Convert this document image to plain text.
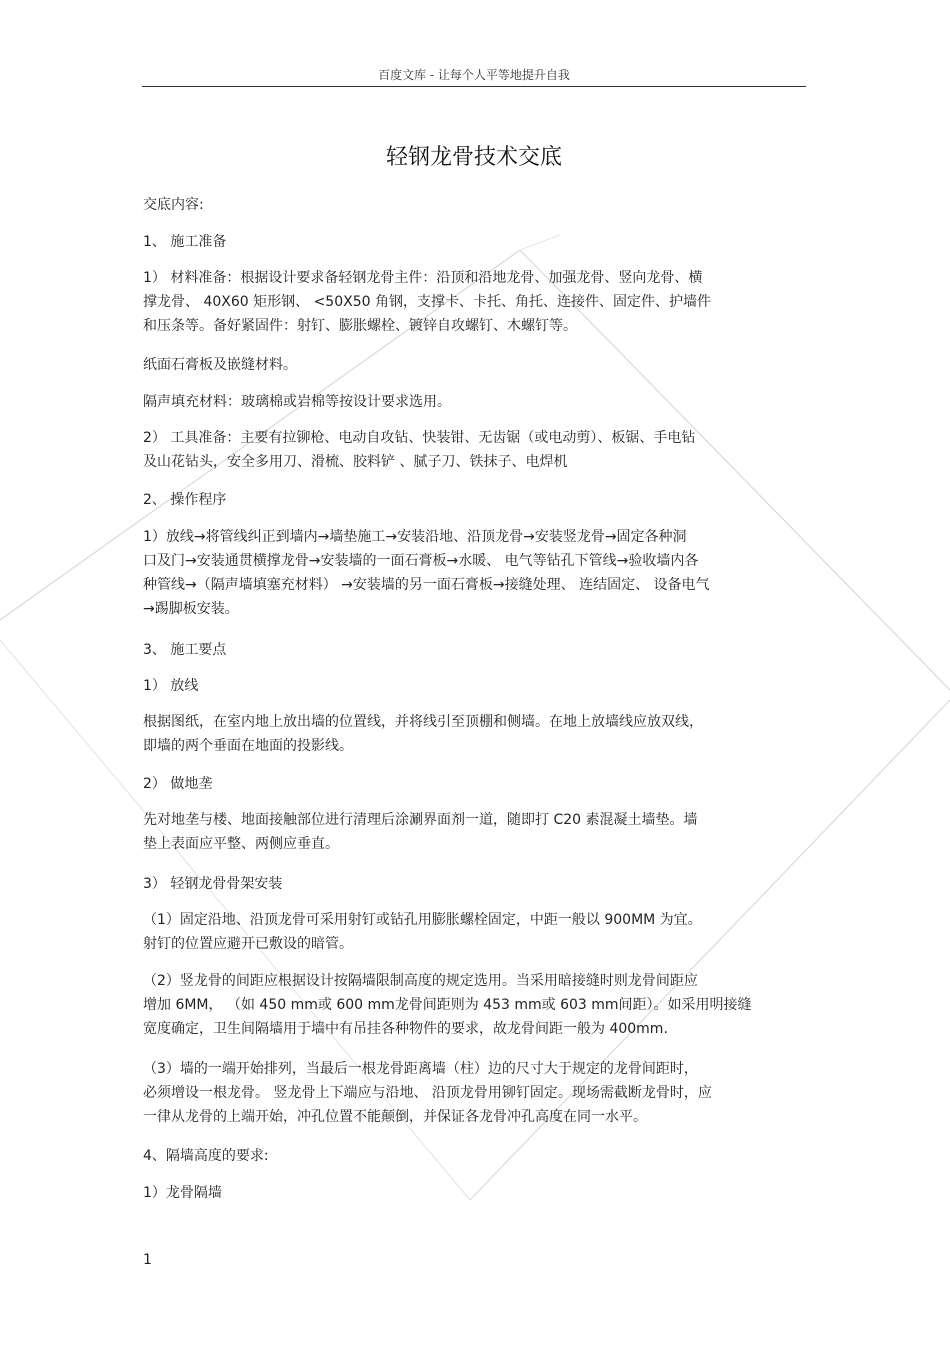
百度文库 - 让每个人平等地提升自我
轻钢龙骨技术交底
交底内容:
1、 施工准备
1） 材料准备：根据设计要求备轻钢龙骨主件：沿顶和沿地龙骨、加强龙骨、竖向龙骨、横
撑龙骨、 40X60 矩形钢、 <50X50 角钢，支撑卡、卡托、角托、连接件、固定件、护墙件
和压条等。备好紧固件：射钉、膨胀螺栓、镀锌自攻螺钉、木螺钉等。
纸面石膏板及嵌缝材料。
隔声填充材料：玻璃棉或岩棉等按设计要求选用。
2） 工具准备：主要有拉铆枪、电动自攻钻、快装钳、无齿锯（或电动剪）、板锯、手电钻
及山花钻头，安全多用刀、滑梳、胶料铲 、腻子刀、铁抹子、电焊机
2、 操作程序
1）放线→将管线纠正到墙内→墙垫施工→安装沿地、沿顶龙骨→安装竖龙骨→固定各种洞
口及门→安装通贯横撑龙骨→安装墙的一面石膏板→水暖、 电气等钻孔下管线→验收墙内各
种管线→（隔声墙填塞充材料） →安装墙的另一面石膏板→接缝处理、 连结固定、 设备电气
→踢脚板安装。
3、 施工要点
1） 放线
根据图纸，在室内地上放出墙的位置线，并将线引至顶棚和侧墙。在地上放墙线应放双线，
即墙的两个垂面在地面的投影线。
2） 做地垄
先对地垄与楼、地面接触部位进行清理后涂涮界面剂一道，随即打 C20 素混凝土墙垫。墙
垫上表面应平整、两侧应垂直。
3） 轻钢龙骨骨架安装
（1）固定沿地、沿顶龙骨可采用射钉或钻孔用膨胀螺栓固定，中距一般以 900MM 为宜。
射钉的位置应避开已敷设的暗管。
（2）竖龙骨的间距应根据设计按隔墙限制高度的规定选用。当采用暗接缝时则龙骨间距应
增加 6MM， （如 450 mm或 600 mm龙骨间距则为 453 mm或 603 mm间距）。如采用明接缝
宽度确定，卫生间隔墙用于墙中有吊挂各种物件的要求，故龙骨间距一般为 400mm.
（3）墙的一端开始排列，当最后一根龙骨距离墙（柱）边的尺寸大于规定的龙骨间距时，
必须增设一根龙骨。 竖龙骨上下端应与沿地、 沿顶龙骨用铆钉固定。现场需截断龙骨时，应
一律从龙骨的上端开始，冲孔位置不能颠倒，并保证各龙骨冲孔高度在同一水平。
4、隔墙高度的要求:
1）龙骨隔墙
1
